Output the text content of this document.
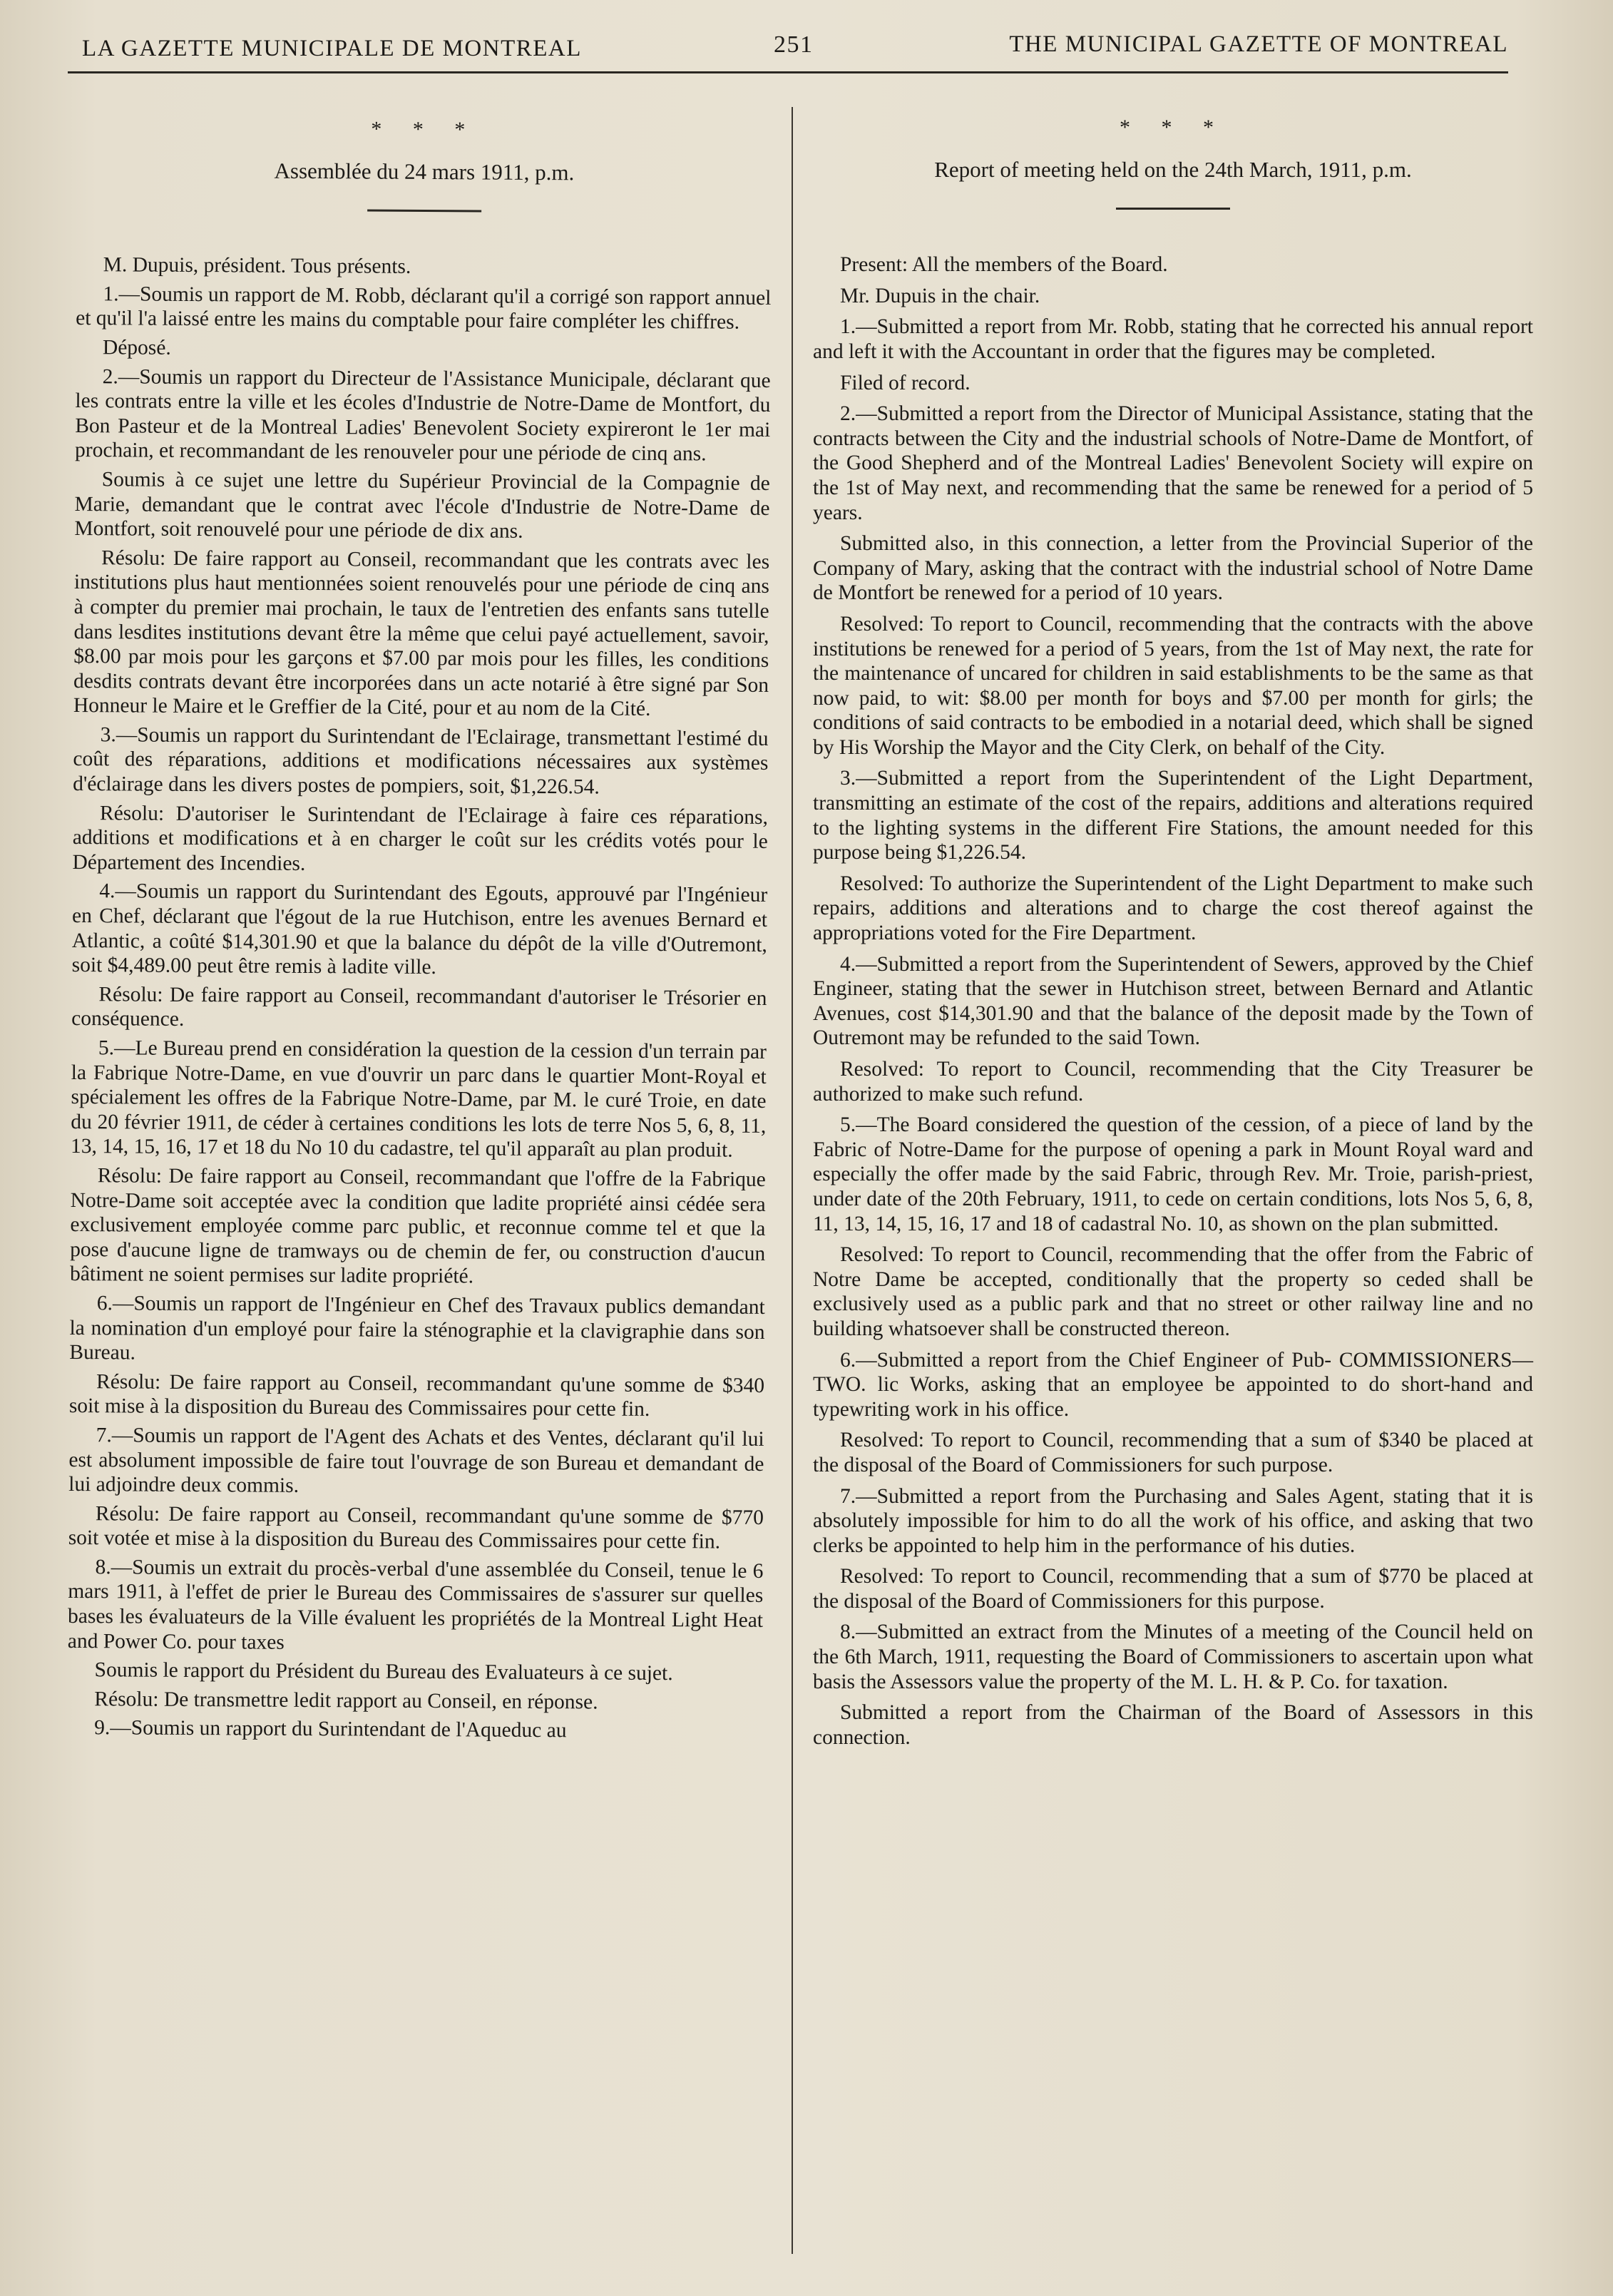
LA GAZETTE MUNICIPALE DE MONTREAL	251	THE MUNICIPAL GAZETTE OF MONTREAL
* * *
Assemblée du 24 mars 1911, p.m.

M. Dupuis, président. Tous présents.

1.—Soumis un rapport de M. Robb, déclarant qu'il a corrigé son rapport annuel et qu'il l'a laissé entre les mains du comptable pour faire compléter les chiffres.

Déposé.

2.—Soumis un rapport du Directeur de l'Assistance Municipale, déclarant que les contrats entre la ville et les écoles d'Industrie de Notre-Dame de Montfort, du Bon Pasteur et de la Montreal Ladies' Benevolent Society expireront le 1er mai prochain, et recommandant de les renouveler pour une période de cinq ans.

Soumis à ce sujet une lettre du Supérieur Provincial de la Compagnie de Marie, demandant que le contrat avec l'école d'Industrie de Notre-Dame de Montfort, soit renouvelé pour une période de dix ans.

Résolu: De faire rapport au Conseil, recommandant que les contrats avec les institutions plus haut mentionnées soient renouvelés pour une période de cinq ans à compter du premier mai prochain, le taux de l'entretien des enfants sans tutelle dans lesdites institutions devant être la même que celui payé actuellement, savoir, $8.00 par mois pour les garçons et $7.00 par mois pour les filles, les conditions desdits contrats devant être incorporées dans un acte notarié à être signé par Son Honneur le Maire et le Greffier de la Cité, pour et au nom de la Cité.

3.—Soumis un rapport du Surintendant de l'Eclairage, transmettant l'estimé du coût des réparations, additions et modifications nécessaires aux systèmes d'éclairage dans les divers postes de pompiers, soit, $1,226.54.

Résolu: D'autoriser le Surintendant de l'Eclairage à faire ces réparations, additions et modifications et à en charger le coût sur les crédits votés pour le Département des Incendies.

4.—Soumis un rapport du Surintendant des Egouts, approuvé par l'Ingénieur en Chef, déclarant que l'égout de la rue Hutchison, entre les avenues Bernard et Atlantic, a coûté $14,301.90 et que la balance du dépôt de la ville d'Outremont, soit $4,489.00 peut être remis à ladite ville.

Résolu: De faire rapport au Conseil, recommandant d'autoriser le Trésorier en conséquence.

5.—Le Bureau prend en considération la question de la cession d'un terrain par la Fabrique Notre-Dame, en vue d'ouvrir un parc dans le quartier Mont-Royal et spécialement les offres de la Fabrique Notre-Dame, par M. le curé Troie, en date du 20 février 1911, de céder à certaines conditions les lots de terre Nos 5, 6, 8, 11, 13, 14, 15, 16, 17 et 18 du No 10 du cadastre, tel qu'il apparaît au plan produit.

Résolu: De faire rapport au Conseil, recommandant que l'offre de la Fabrique Notre-Dame soit acceptée avec la condition que ladite propriété ainsi cédée sera exclusivement employée comme parc public, et reconnue comme tel et que la pose d'aucune ligne de tramways ou de chemin de fer, ou construction d'aucun bâtiment ne soient permises sur ladite propriété.

6.—Soumis un rapport de l'Ingénieur en Chef des Travaux publics demandant la nomination d'un employé pour faire la sténographie et la clavigraphie dans son Bureau.

Résolu: De faire rapport au Conseil, recommandant qu'une somme de $340 soit mise à la disposition du Bureau des Commissaires pour cette fin.

7.—Soumis un rapport de l'Agent des Achats et des Ventes, déclarant qu'il lui est absolument impossible de faire tout l'ouvrage de son Bureau et demandant de lui adjoindre deux commis.

Résolu: De faire rapport au Conseil, recommandant qu'une somme de $770 soit votée et mise à la disposition du Bureau des Commissaires pour cette fin.

8.—Soumis un extrait du procès-verbal d'une assemblée du Conseil, tenue le 6 mars 1911, à l'effet de prier le Bureau des Commissaires de s'assurer sur quelles bases les évaluateurs de la Ville évaluent les propriétés de la Montreal Light Heat and Power Co. pour taxes

Soumis le rapport du Président du Bureau des Evaluateurs à ce sujet.

Résolu: De transmettre ledit rapport au Conseil, en réponse.

9.—Soumis un rapport du Surintendant de l'Aqueduc au

* * *
Report of meeting held on the 24th March, 1911, p.m.

Present: All the members of the Board.

Mr. Dupuis in the chair.

1.—Submitted a report from Mr. Robb, stating that he corrected his annual report and left it with the Accountant in order that the figures may be completed.

Filed of record.

2.—Submitted a report from the Director of Municipal Assistance, stating that the contracts between the City and the industrial schools of Notre-Dame de Montfort, of the Good Shepherd and of the Montreal Ladies' Benevolent Society will expire on the 1st of May next, and recommending that the same be renewed for a period of 5 years.

Submitted also, in this connection, a letter from the Provincial Superior of the Company of Mary, asking that the contract with the industrial school of Notre Dame de Montfort be renewed for a period of 10 years.

Resolved: To report to Council, recommending that the contracts with the above institutions be renewed for a period of 5 years, from the 1st of May next, the rate for the maintenance of uncared for children in said establishments to be the same as that now paid, to wit: $8.00 per month for boys and $7.00 per month for girls; the conditions of said contracts to be embodied in a notarial deed, which shall be signed by His Worship the Mayor and the City Clerk, on behalf of the City.

3.—Submitted a report from the Superintendent of the Light Department, transmitting an estimate of the cost of the repairs, additions and alterations required to the lighting systems in the different Fire Stations, the amount needed for this purpose being $1,226.54.

Resolved: To authorize the Superintendent of the Light Department to make such repairs, additions and alterations and to charge the cost thereof against the appropriations voted for the Fire Department.

4.—Submitted a report from the Superintendent of Sewers, approved by the Chief Engineer, stating that the sewer in Hutchison street, between Bernard and Atlantic Avenues, cost $14,301.90 and that the balance of the deposit made by the Town of Outremont may be refunded to the said Town.

Resolved: To report to Council, recommending that the City Treasurer be authorized to make such refund.

5.—The Board considered the question of the cession, of a piece of land by the Fabric of Notre-Dame for the purpose of opening a park in Mount Royal ward and especially the offer made by the said Fabric, through Rev. Mr. Troie, parish-priest, under date of the 20th February, 1911, to cede on certain conditions, lots Nos 5, 6, 8, 11, 13, 14, 15, 16, 17 and 18 of cadastral No. 10, as shown on the plan submitted.

Resolved: To report to Council, recommending that the offer from the Fabric of Notre Dame be accepted, conditionally that the property so ceded shall be exclusively used as a public park and that no street or other railway line and no building whatsoever shall be constructed thereon.

6.—Submitted a report from the Chief Engineer of Pub- COMMISSIONERS—TWO. lic Works, asking that an employee be appointed to do short-hand and typewriting work in his office.

Resolved: To report to Council, recommending that a sum of $340 be placed at the disposal of the Board of Commissioners for such purpose.

7.—Submitted a report from the Purchasing and Sales Agent, stating that it is absolutely impossible for him to do all the work of his office, and asking that two clerks be appointed to help him in the performance of his duties.

Resolved: To report to Council, recommending that a sum of $770 be placed at the disposal of the Board of Commissioners for this purpose.

8.—Submitted an extract from the Minutes of a meeting of the Council held on the 6th March, 1911, requesting the Board of Commissioners to ascertain upon what basis the Assessors value the property of the M. L. H. & P. Co. for taxation.

Submitted a report from the Chairman of the Board of Assessors in this connection.
